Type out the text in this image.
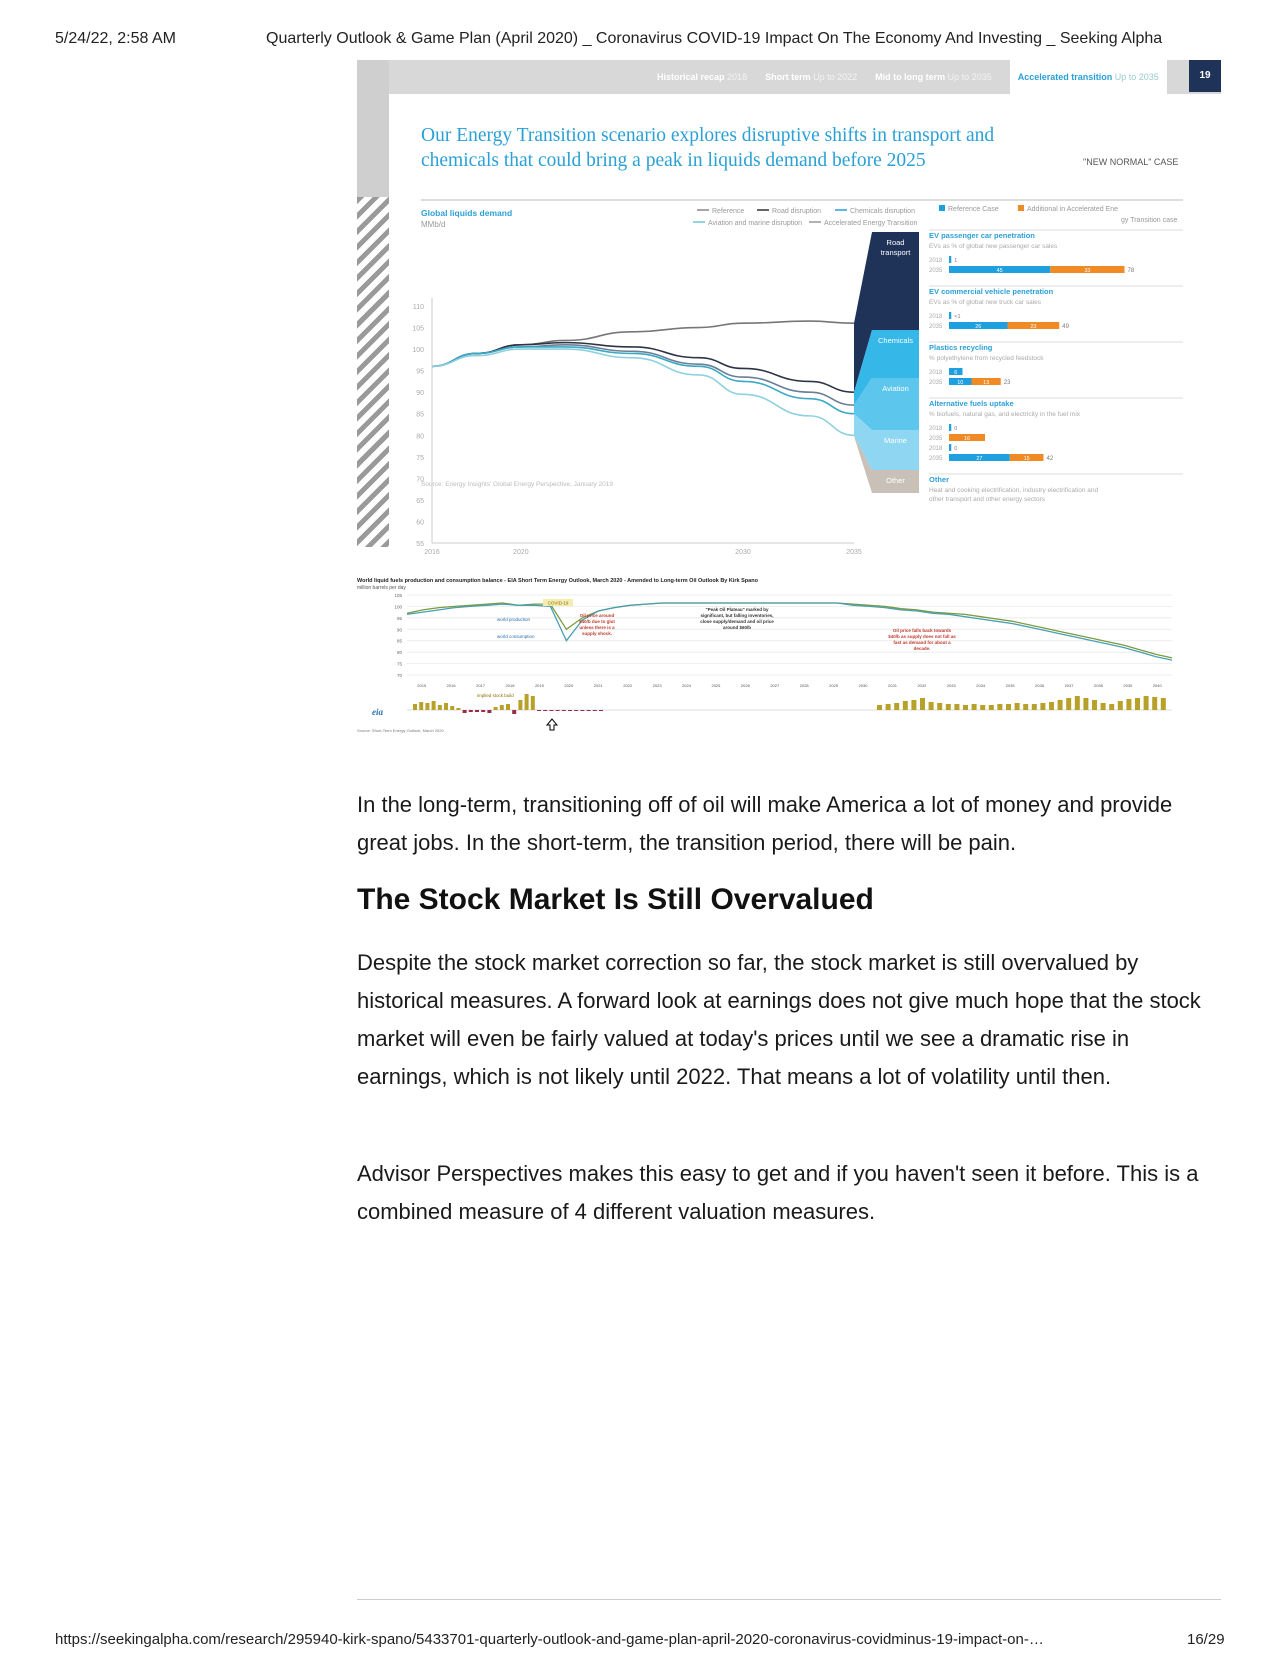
5/24/22, 2:58 AM	Quarterly Outlook & Game Plan (April 2020) _ Coronavirus COVID-19 Impact On The Economy And Investing _ Seeking Alpha
Historical recap 2018 Short term Up to 2022 Mid to long term Up to 2035	Accelerated transition Up to 2035	19
Our Energy Transition scenario explores disruptive shifts in transport and chemicals that could bring a peak in liquids demand before 2025	"NEW NORMAL" CASE
Global liquids demand
MMb/d
Reference	Road disruption	Chemicals disruption
Aviation and marine disruption	Accelerated Energy Transition
110
105
100
95
90
85
80
75
70
65
60
55
2016	2020	2030	2035
Road
transport
Chemicals
Aviation
Marine
Other
Reference Case	Additional in Accelerated Ene
gy Transition case
EV passenger car penetration
EVs as % of global new passenger car sales
2018 1
2035	45	33	78
EV commercial vehicle penetration
EVs as % of global new truck car sales
2018 <1
2035	26	23	49
Plastics recycling
% polyethylene from recycled feedstock
2018 6
2035	10	13 23
Alternative fuels uptake
% biofuels, natural gas, and electricity in the fuel mix
2018 0
2035	16
2018 0
2035	27	15	42
Other
Heat and cooking electrification, industry electrification and
other transport and other energy sectors
Source: Energy Insights' Global Energy Perspective, January 2019
World liquid fuels production and consumption balance - EIA Short Term Energy Outlook, March 2020 - Amended to Long-term Oil Outlook By Kirk Spano
million barrels per day
70
75
80
85
90
95
100
105
world production
world consumption
COVID-19
Oil price around
$40/b due to glut
unless there is a
supply shock.
"Peak Oil Plateau" marked by
significant, but falling inventories,
close supply/demand and oil price
around $60/b
Oil price falls back towards
$40/b as supply does not fall as
fast as demand for about a
decade.
2015	2016	2017	2018	2019	2020	2021	2022	2023	2024	2025	2026	2027	2028	2029	2030	2031	2032	2033	2034	2035	2036	2037	2038	2039	2040
implied stock build
eia
Source: Short-Term Energy Outlook, March 2020

In the long-term, transitioning off of oil will make America a lot of money and provide great jobs. In the short-term, the transition period, there will be pain.

The Stock Market Is Still Overvalued

Despite the stock market correction so far, the stock market is still overvalued by historical measures. A forward look at earnings does not give much hope that the stock market will even be fairly valued at today's prices until we see a dramatic rise in earnings, which is not likely until 2022. That means a lot of volatility until then.

Advisor Perspectives makes this easy to get and if you haven't seen it before. This is a combined measure of 4 different valuation measures.

https://seekingalpha.com/research/295940-kirk-spano/5433701-quarterly-outlook-and-game-plan-april-2020-coronavirus-covidminus-19-impact-on-…	16/29
